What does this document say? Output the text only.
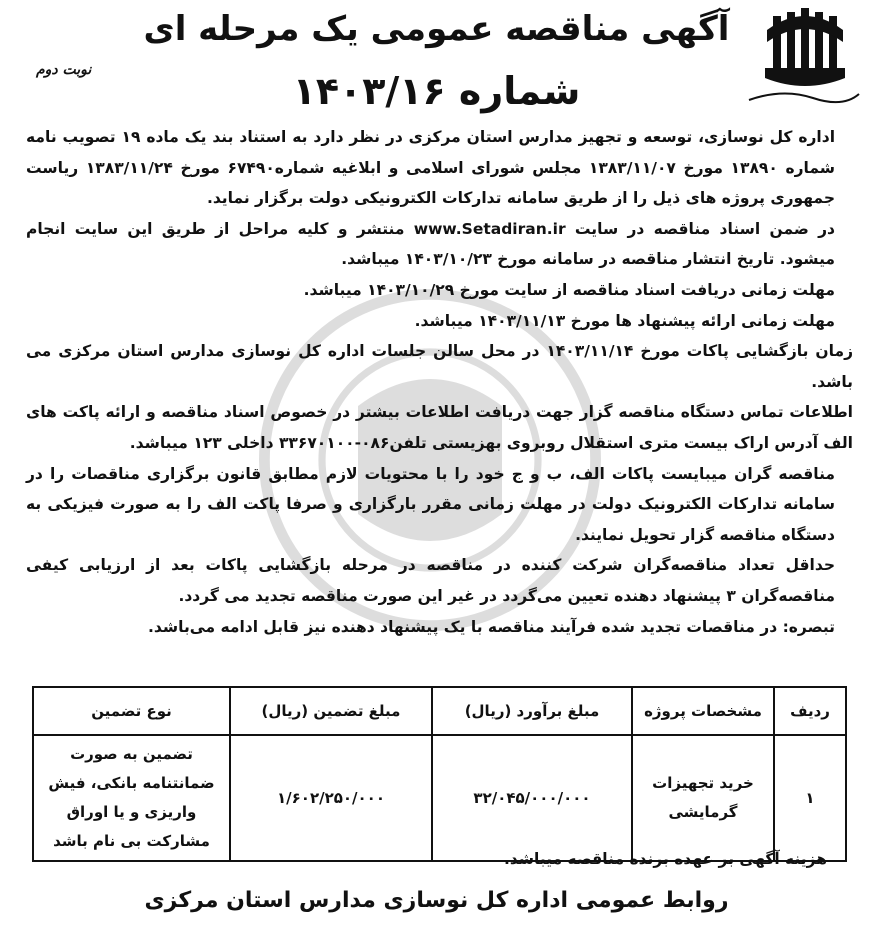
نوبت دوم
آگهی مناقصه عمومی یک مرحله ای
شماره ۱۴۰۳/۱۶

اداره کل نوسازی، توسعه و تجهیز مدارس استان مرکزی در نظر دارد به استناد بند یک ماده ۱۹ تصویب نامه شماره ۱۳۸۹۰ مورخ ۱۳۸۳/۱۱/۰۷ مجلس شورای اسلامی و ابلاغیه شماره۶۷۴۹۰ مورخ ۱۳۸۳/۱۱/۲۴ ریاست جمهوری پروژه های ذیل را از طریق سامانه تدارکات الکترونیکی دولت برگزار نماید.

در ضمن اسناد مناقصه در سایت www.Setadiran.ir منتشر و کلیه مراحل از طریق این سایت انجام میشود. تاریخ انتشار مناقصه در سامانه مورخ ۱۴۰۳/۱۰/۲۳ میباشد.

مهلت زمانی دریافت اسناد مناقصه از سایت مورخ ۱۴۰۳/۱۰/۲۹ میباشد.

مهلت زمانی ارائه پیشنهاد ها مورخ ۱۴۰۳/۱۱/۱۳ میباشد.

زمان بازگشایی پاکات مورخ ۱۴۰۳/۱۱/۱۴ در محل سالن جلسات اداره کل نوسازی مدارس استان مرکزی می باشد.

اطلاعات تماس دستگاه مناقصه گزار جهت دریافت اطلاعات بیشتر در خصوص اسناد مناقصه و ارائه پاکت های الف آدرس اراک بیست متری استقلال روبروی بهزیستی تلفن۰۸۶-۳۳۶۷۰۱۰۰ داخلی ۱۲۳ میباشد.

مناقصه گران میبایست پاکات الف، ب و ج خود را با محتویات لازم مطابق قانون برگزاری مناقصات را در سامانه تدارکات الکترونیک دولت در مهلت زمانی مقرر بارگزاری و صرفا پاکت الف را به صورت فیزیکی به دستگاه مناقصه گزار تحویل نمایند.

حداقل تعداد مناقصه‌گران شرکت کننده در مناقصه در مرحله بازگشایی پاکات بعد از ارزیابی کیفی مناقصه‌گران ۳ پیشنهاد دهنده تعیین می‌گردد در غیر این صورت مناقصه تجدید می گردد.

تبصره: در مناقصات تجدید شده فرآیند مناقصه با یک پیشنهاد دهنده نیز قابل ادامه می‌باشد.

ردیف	مشخصات پروژه	مبلغ برآورد (ریال)	مبلغ تضمین (ریال)	نوع تضمین
۱	خرید تجهیزات گرمایشی	۳۲/۰۴۵/۰۰۰/۰۰۰	۱/۶۰۲/۲۵۰/۰۰۰	تضمین به صورت ضمانتنامه بانکی، فیش واریزی و یا اوراق مشارکت بی نام باشد
هزینه آگهی بر عهده برنده مناقصه میباشد.
روابط عمومی اداره کل نوسازی مدارس استان مرکزی
